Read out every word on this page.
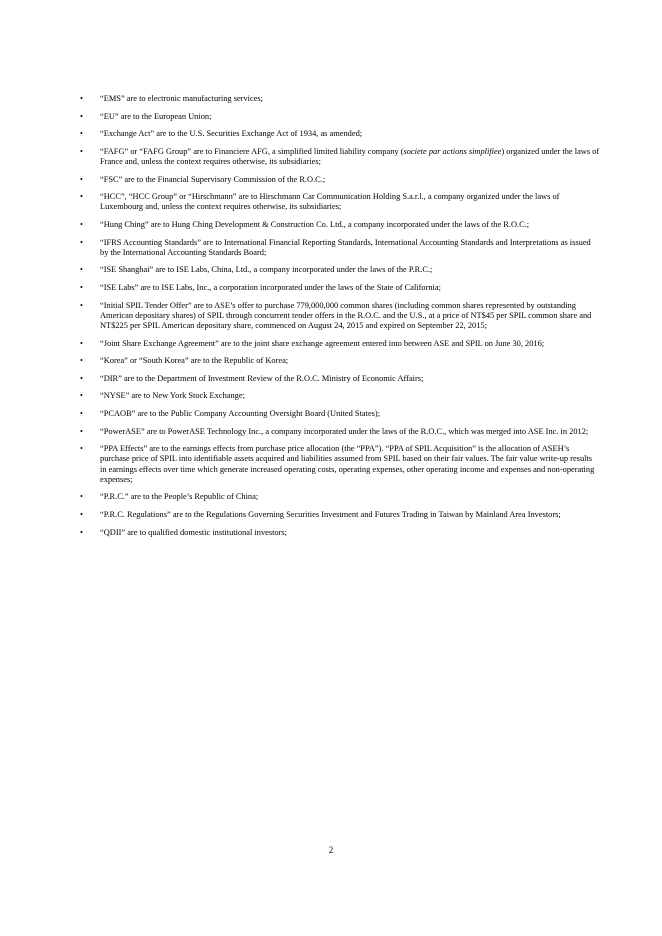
• “EMS” are to electronic manufacturing services;
• “EU” are to the European Union;
• “Exchange Act” are to the U.S. Securities Exchange Act of 1934, as amended;
• “FAFG” or “FAFG Group” are to Financiere AFG, a simplified limited liability company (societe par actions simplifiee) organized under the laws of France and, unless the context requires otherwise, its subsidiaries;
• “FSC” are to the Financial Supervisory Commission of the R.O.C.;
• “HCC”, “HCC Group” or “Hirschmann” are to Hirschmann Car Communication Holding S.a.r.l., a company organized under the laws of Luxembourg and, unless the context requires otherwise, its subsidiaries;
• “Hung Ching” are to Hung Ching Development & Construction Co. Ltd., a company incorporated under the laws of the R.O.C.;
• “IFRS Accounting Standards” are to International Financial Reporting Standards, International Accounting Standards and Interpretations as issued by the International Accounting Standards Board;
• “ISE Shanghai” are to ISE Labs, China, Ltd., a company incorporated under the laws of the P.R.C.;
• “ISE Labs” are to ISE Labs, Inc., a corporation incorporated under the laws of the State of California;
• “Initial SPIL Tender Offer” are to ASE’s offer to purchase 779,000,000 common shares (including common shares represented by outstanding American depositary shares) of SPIL through concurrent tender offers in the R.O.C. and the U.S., at a price of NT$45 per SPIL common share and NT$225 per SPIL American depositary share, commenced on August 24, 2015 and expired on September 22, 2015;
• “Joint Share Exchange Agreement” are to the joint share exchange agreement entered into between ASE and SPIL on June 30, 2016;
• “Korea” or “South Korea” are to the Republic of Korea;
• “DIR” are to the Department of Investment Review of the R.O.C. Ministry of Economic Affairs;
• “NYSE” are to New York Stock Exchange;
• “PCAOB” are to the Public Company Accounting Oversight Board (United States);
• “PowerASE” are to PowerASE Technology Inc., a company incorporated under the laws of the R.O.C., which was merged into ASE Inc. in 2012;
• “PPA Effects” are to the earnings effects from purchase price allocation (the “PPA”). “PPA of SPIL Acquisition” is the allocation of ASEH’s purchase price of SPIL into identifiable assets acquired and liabilities assumed from SPIL based on their fair values. The fair value write-up results in earnings effects over time which generate increased operating costs, operating expenses, other operating income and expenses and non-operating expenses;
• “P.R.C.” are to the People’s Republic of China;
• “P.R.C. Regulations” are to the Regulations Governing Securities Investment and Futures Trading in Taiwan by Mainland Area Investors;
• “QDII” are to qualified domestic institutional investors;
2
